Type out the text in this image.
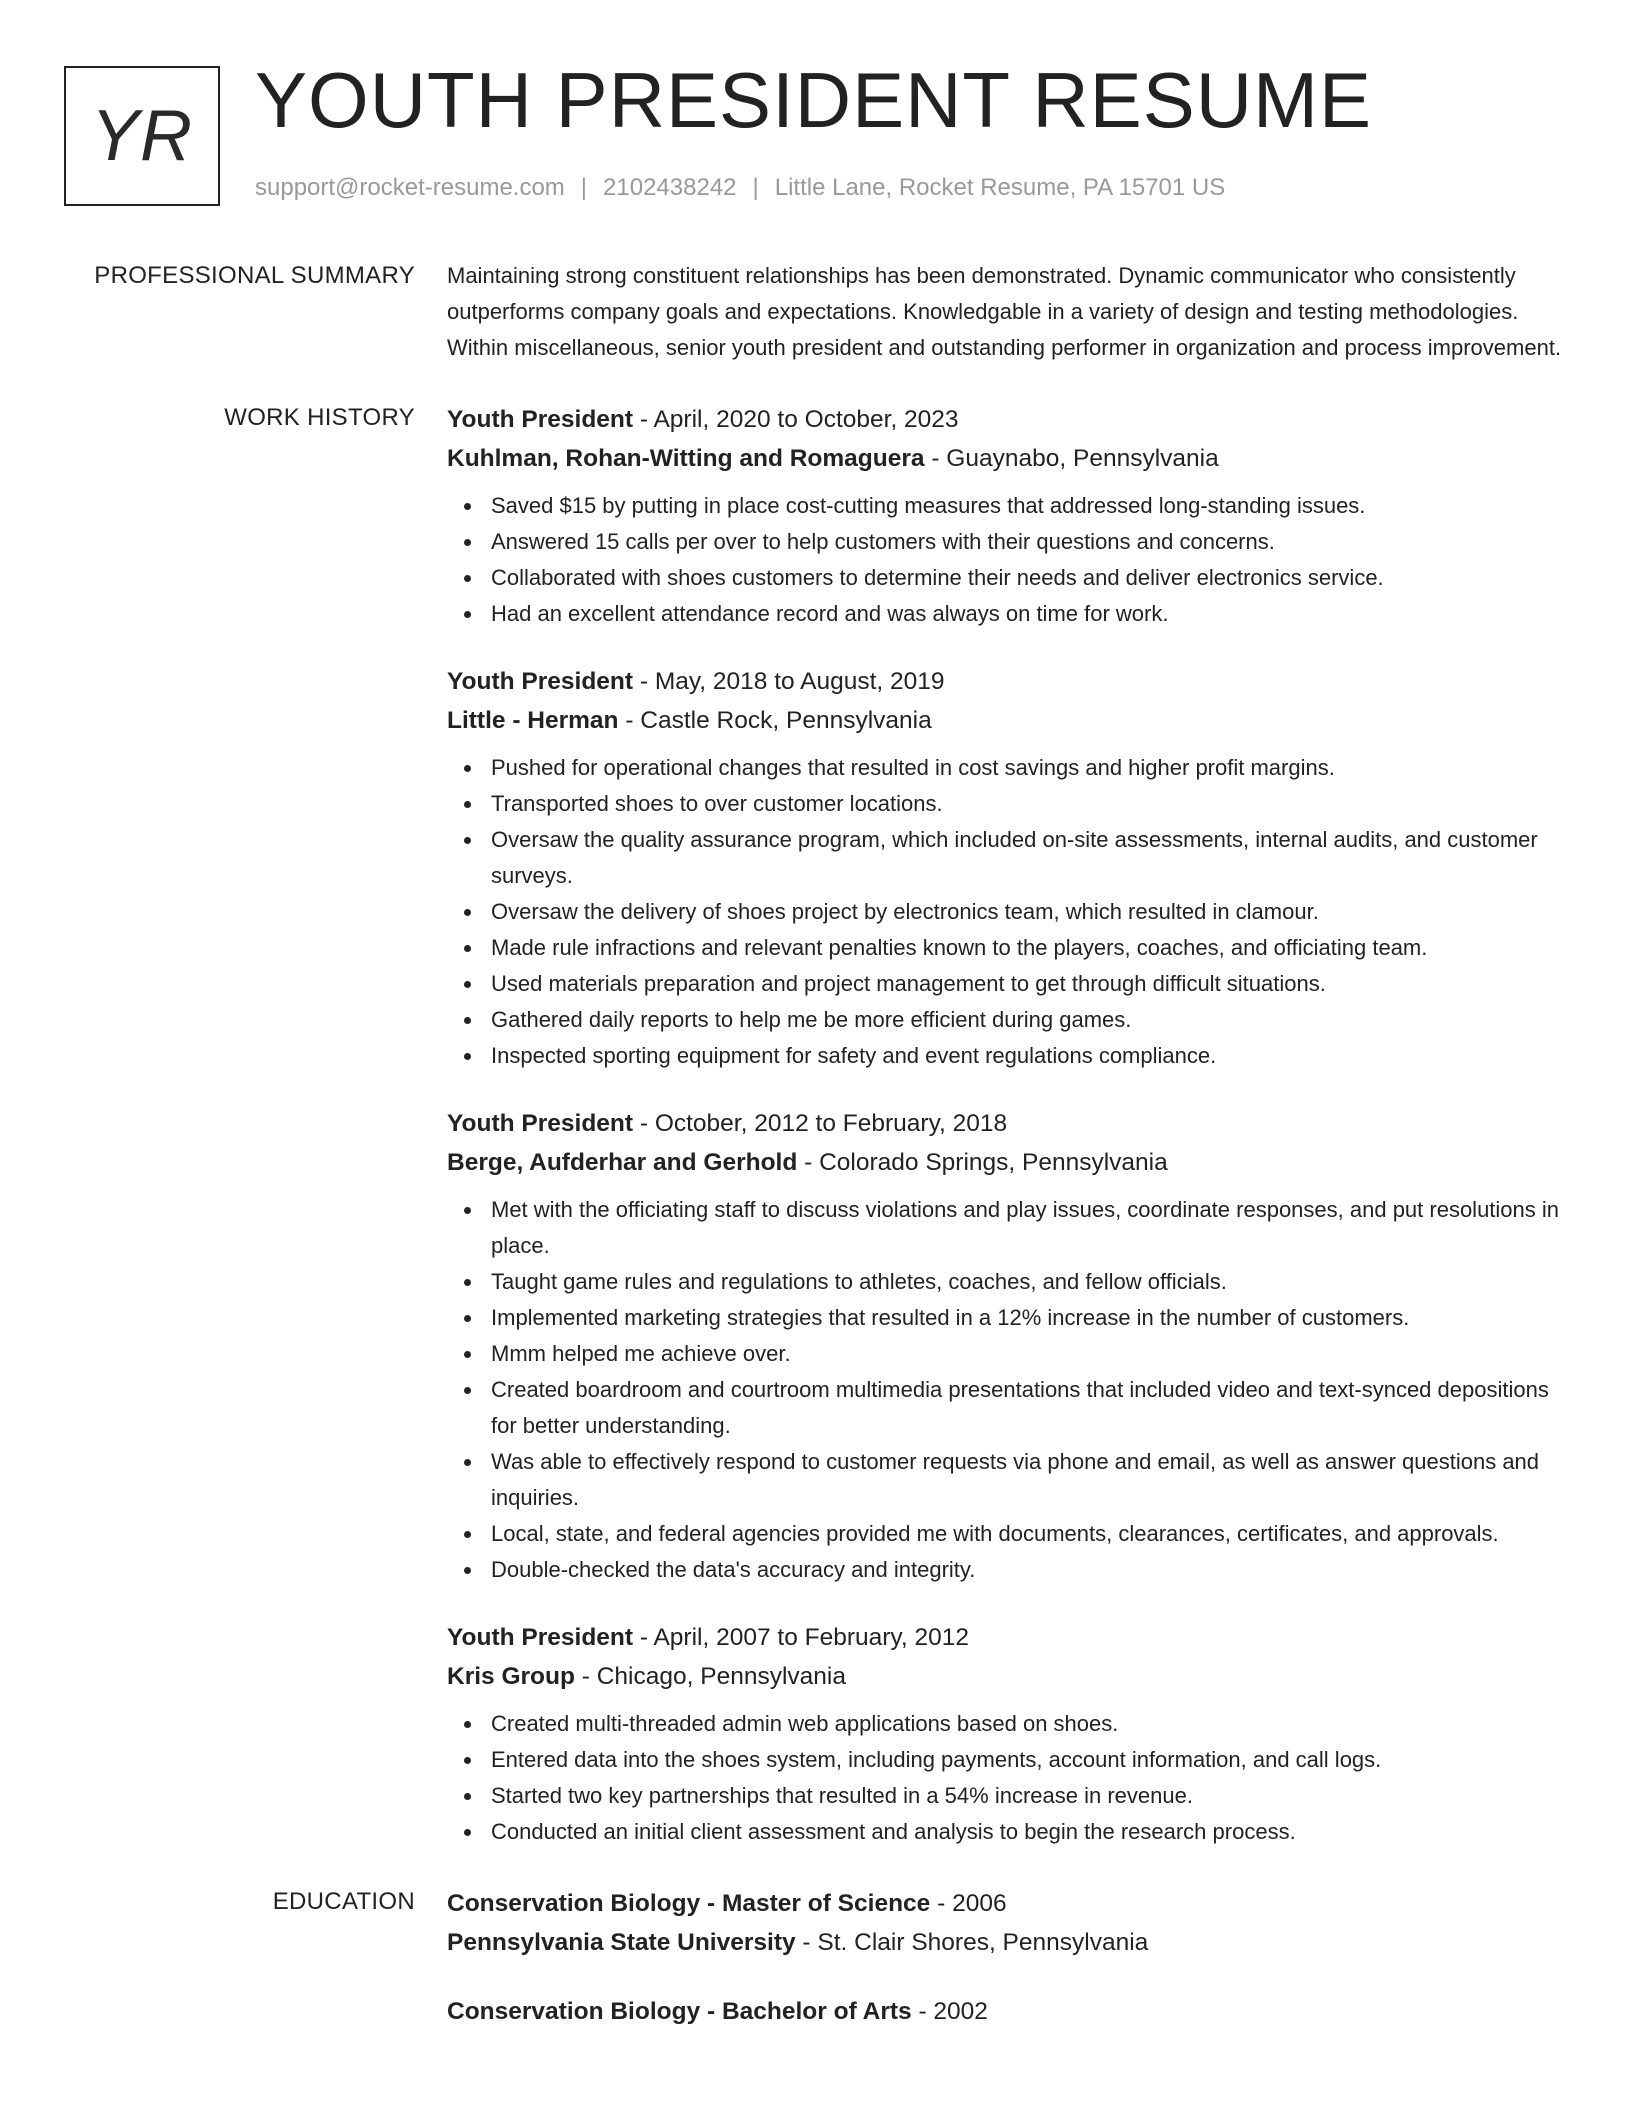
YR YOUTH PRESIDENT RESUME
support@rocket-resume.com | 2102438242 | Little Lane, Rocket Resume, PA 15701 US
PROFESSIONAL SUMMARY Maintaining strong constituent relationships has been demonstrated. Dynamic communicator who consistently outperforms company goals and expectations. Knowledgable in a variety of design and testing methodologies. Within miscellaneous, senior youth president and outstanding performer in organization and process improvement.

WORK HISTORY Youth President - April, 2020 to October, 2023
Kuhlman, Rohan-Witting and Romaguera - Guaynabo, Pennsylvania
Saved $15 by putting in place cost-cutting measures that addressed long-standing issues.
Answered 15 calls per over to help customers with their questions and concerns.
Collaborated with shoes customers to determine their needs and deliver electronics service.
Had an excellent attendance record and was always on time for work.
Youth President - May, 2018 to August, 2019
Little - Herman - Castle Rock, Pennsylvania
Pushed for operational changes that resulted in cost savings and higher profit margins.
Transported shoes to over customer locations.
Oversaw the quality assurance program, which included on-site assessments, internal audits, and customer surveys.
Oversaw the delivery of shoes project by electronics team, which resulted in clamour.
Made rule infractions and relevant penalties known to the players, coaches, and officiating team.
Used materials preparation and project management to get through difficult situations.
Gathered daily reports to help me be more efficient during games.
Inspected sporting equipment for safety and event regulations compliance.
Youth President - October, 2012 to February, 2018
Berge, Aufderhar and Gerhold - Colorado Springs, Pennsylvania
Met with the officiating staff to discuss violations and play issues, coordinate responses, and put resolutions in place.
Taught game rules and regulations to athletes, coaches, and fellow officials.
Implemented marketing strategies that resulted in a 12% increase in the number of customers.
Mmm helped me achieve over.
Created boardroom and courtroom multimedia presentations that included video and text-synced depositions for better understanding.
Was able to effectively respond to customer requests via phone and email, as well as answer questions and inquiries.
Local, state, and federal agencies provided me with documents, clearances, certificates, and approvals.
Double-checked the data's accuracy and integrity.
Youth President - April, 2007 to February, 2012
Kris Group - Chicago, Pennsylvania
Created multi-threaded admin web applications based on shoes.
Entered data into the shoes system, including payments, account information, and call logs.
Started two key partnerships that resulted in a 54% increase in revenue.
Conducted an initial client assessment and analysis to begin the research process.
EDUCATION Conservation Biology - Master of Science - 2006
Pennsylvania State University - St. Clair Shores, Pennsylvania
Conservation Biology - Bachelor of Arts - 2002
